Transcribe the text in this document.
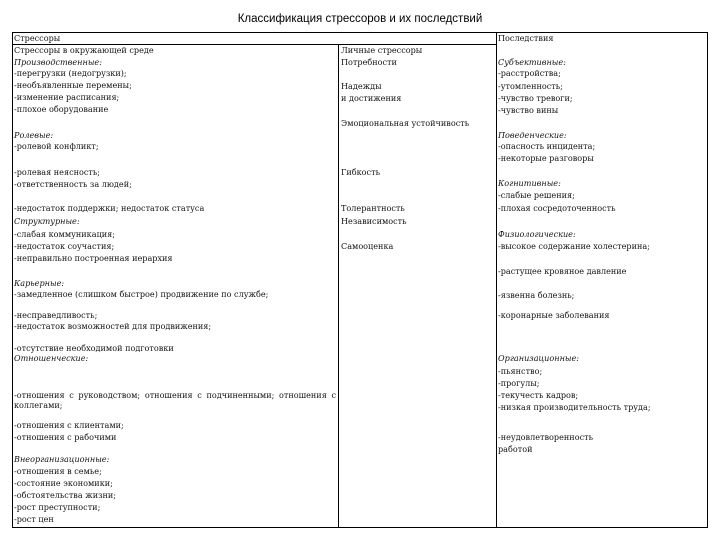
Классификация стрессоров и их последствий
Стрессоры	Последствия
Стрессоры в окружающей среде	Личные стрессоры
Производственные:
-перегрузки (недогрузки);
-необъявленные перемены;
-изменение расписания;
-плохое оборудование
Ролевые:
-ролевой конфликт;
-ролевая неясность;
-ответственность за людей;
-недостаток поддержки; недостаток статуса
Структурные:
-слабая коммуникация;
-недостаток соучастия;
-неправильно построенная иерархия
Карьерные:
-замедленное (слишком быстрое) продвижение по службе;
-несправедливость;
-недостаток возможностей для продвижения;
-отсутствие необходимой подготовки
Отношенческие:
-отношения с руководством; отношения с подчиненными; отношения с коллегами;
-отношения с клиентами;
-отношения с рабочими
Внеорганизационные:
-отношения в семье;
-состояние экономики;
-обстоятельства жизни;
-рост преступности;
-рост цен
Потребности
Надежды
и достижения
Эмоциональная устойчивость
Гибкость
Толерантность
Независимость
Самооценка
Субъективные:
-расстройства;
-утомленность;
-чувство тревоги;
-чувство вины
Поведенческие:
-опасность инцидента;
-некоторые разговоры
Когнитивные:
-слабые решения;
-плохая сосредоточенность
Физиологические:
-высокое содержание холестерина;
-растущее кровяное давление
-язвенна болезнь;
-коронарные заболевания
Организационные:
-пьянство;
-прогулы;
-текучесть кадров;
-низкая производительность труда;
-неудовлетворенность
работой
